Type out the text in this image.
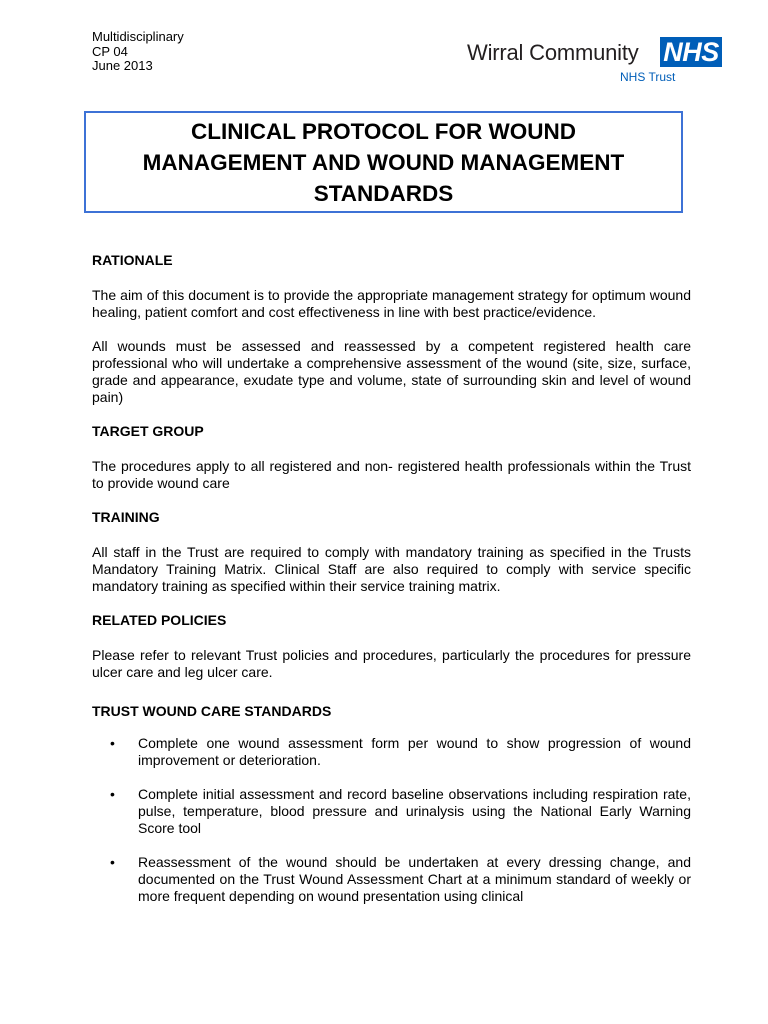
Multidisciplinary
CP 04
June 2013
Wirral Community NHS
NHS Trust
CLINICAL PROTOCOL FOR WOUND
MANAGEMENT AND WOUND MANAGEMENT
STANDARDS
RATIONALE

The aim of this document is to provide the appropriate management strategy for optimum wound healing, patient comfort and cost effectiveness in line with best practice/evidence.

All wounds must be assessed and reassessed by a competent registered health care professional who will undertake a comprehensive assessment of the wound (site, size, surface, grade and appearance, exudate type and volume, state of surrounding skin and level of wound pain)

TARGET GROUP

The procedures apply to all registered and non- registered health professionals within the Trust to provide wound care

TRAINING

All staff in the Trust are required to comply with mandatory training as specified in the Trusts Mandatory Training Matrix. Clinical Staff are also required to comply with service specific mandatory training as specified within their service training matrix.

RELATED POLICIES

Please refer to relevant Trust policies and procedures, particularly the procedures for pressure ulcer care and leg ulcer care.

TRUST WOUND CARE STANDARDS
• Complete one wound assessment form per wound to show progression of wound improvement or deterioration.
• Complete initial assessment and record baseline observations including respiration rate, pulse, temperature, blood pressure and urinalysis using the National Early Warning Score tool
• Reassessment of the wound should be undertaken at every dressing change, and documented on the Trust Wound Assessment Chart at a minimum standard of weekly or more frequent depending on wound presentation using clinical
